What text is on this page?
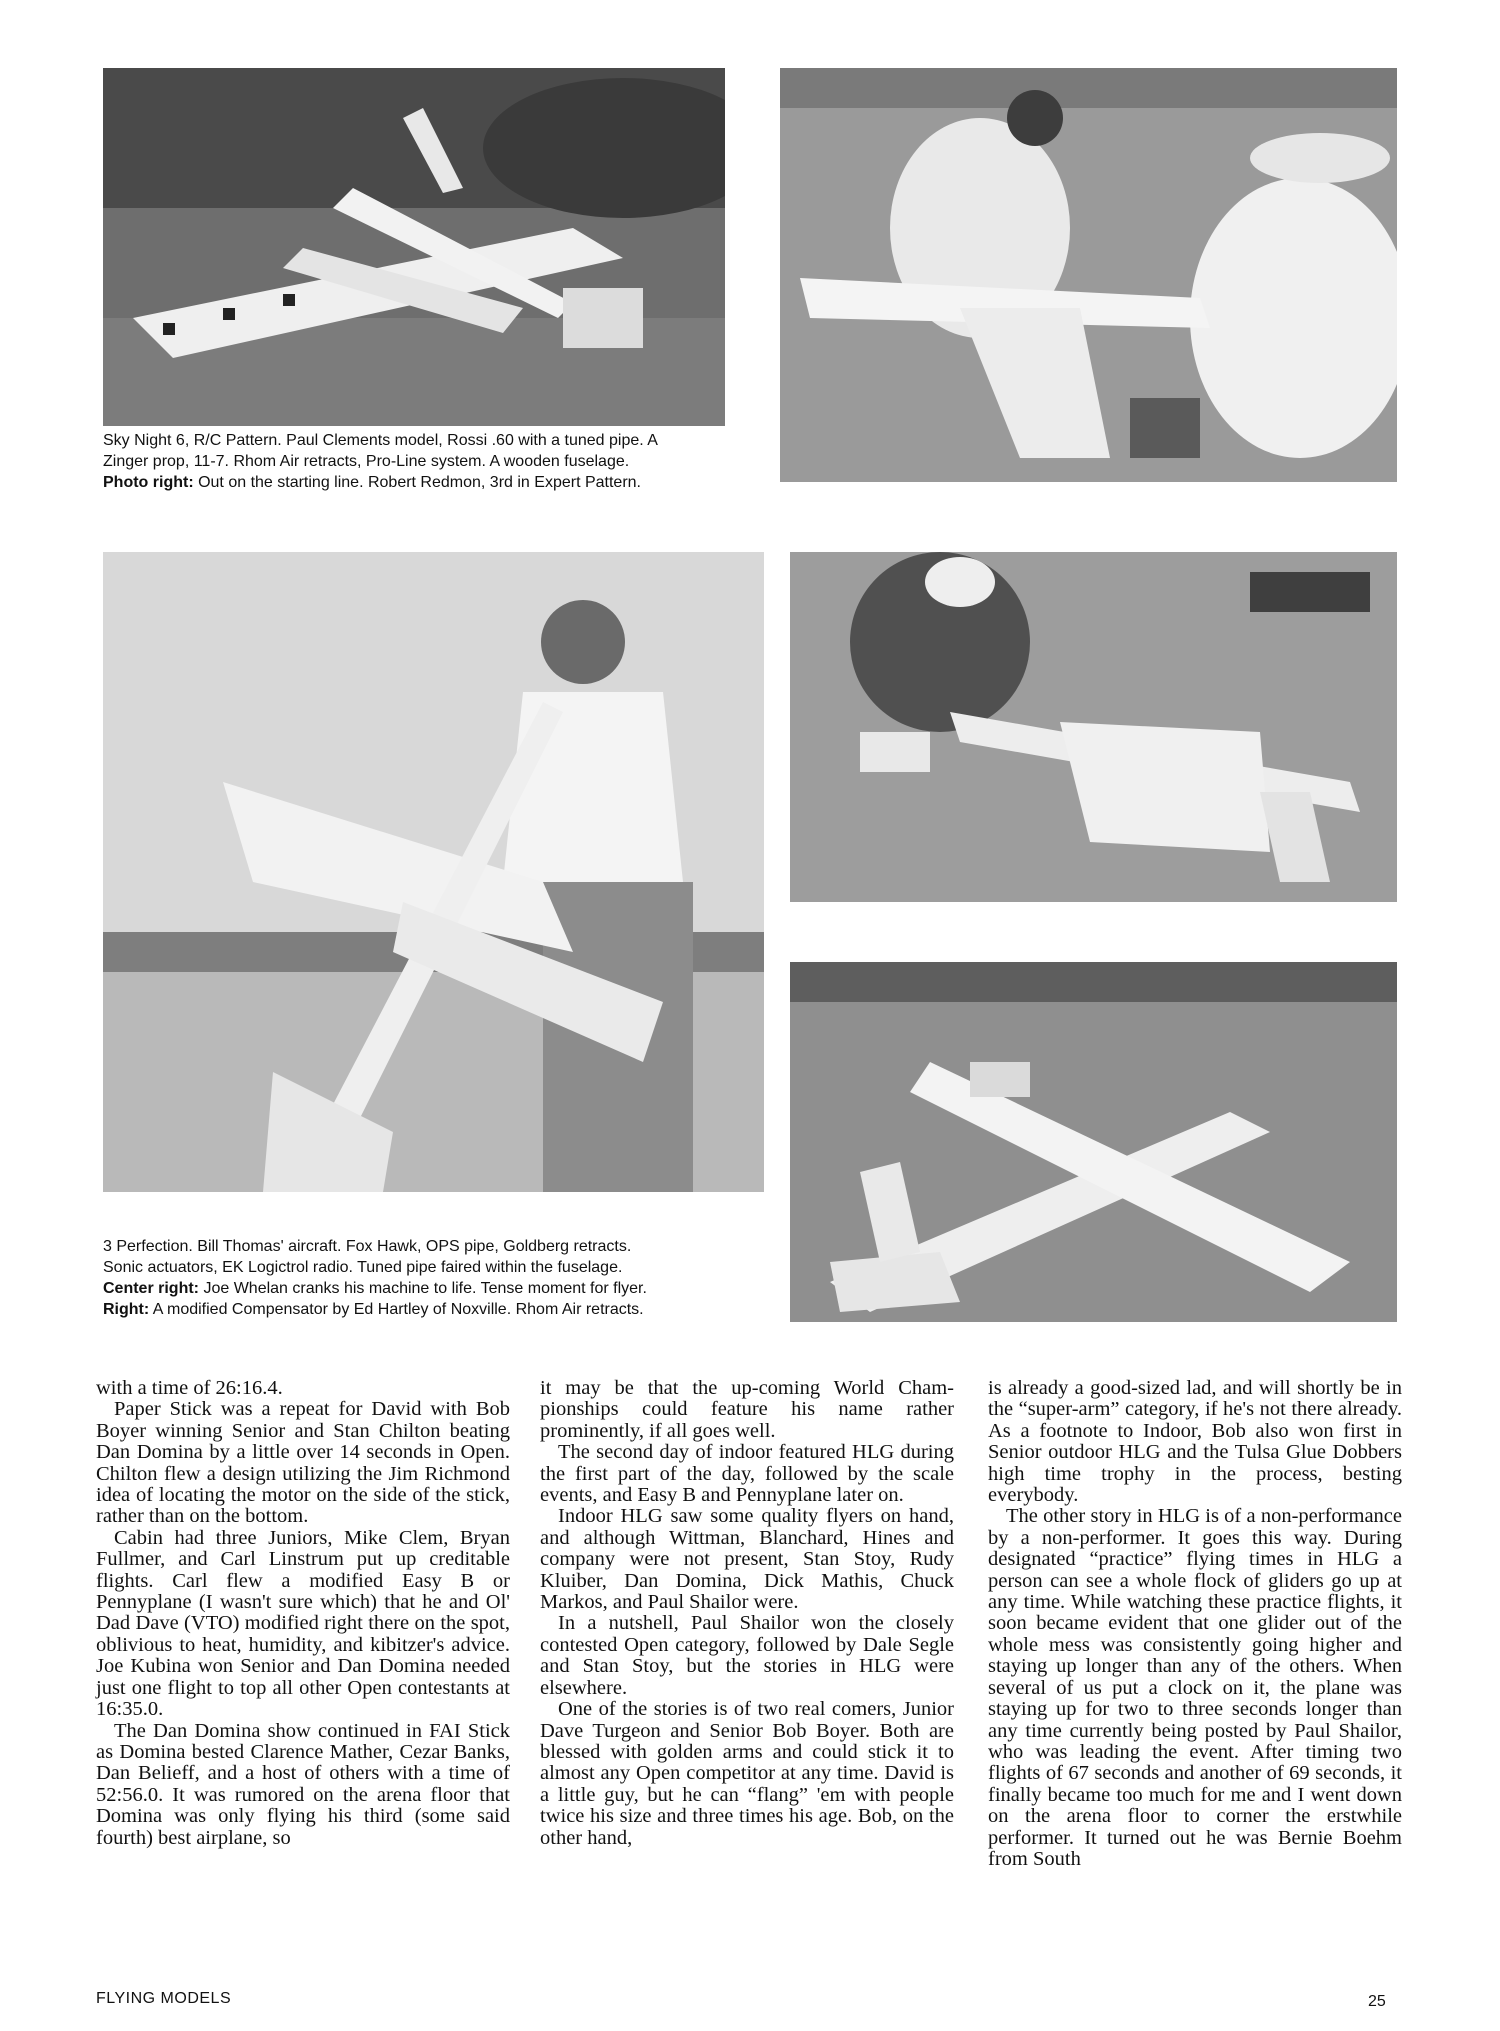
Sky Night 6, R/C Pattern. Paul Clements model, Rossi .60 with a tuned pipe. A
Zinger prop, 11-7. Rhom Air retracts, Pro-Line system. A wooden fuselage.
Photo right: Out on the starting line. Robert Redmon, 3rd in Expert Pattern.
3 Perfection. Bill Thomas' aircraft. Fox Hawk, OPS pipe, Goldberg retracts.
Sonic actuators, EK Logictrol radio. Tuned pipe faired within the fuselage.
Center right: Joe Whelan cranks his machine to life. Tense moment for flyer.
Right: A modified Compensator by Ed Hartley of Noxville. Rhom Air retracts.

with a time of 26:16.4.

Paper Stick was a repeat for David with Bob Boyer winning Senior and Stan Chilton beating Dan Domina by a little over 14 seconds in Open. Chilton flew a design utilizing the Jim Richmond idea of locating the motor on the side of the stick, rather than on the bottom.

Cabin had three Juniors, Mike Clem, Bryan Fullmer, and Carl Linstrum put up creditable flights. Carl flew a modified Easy B or Pennyplane (I wasn't sure which) that he and Ol' Dad Dave (VTO) modified right there on the spot, oblivious to heat, humidity, and kibitzer's advice. Joe Kubina won Senior and Dan Domina needed just one flight to top all other Open contestants at 16:35.0.

The Dan Domina show continued in FAI Stick as Domina bested Clarence Mather, Cezar Banks, Dan Belieff, and a host of others with a time of 52:56.0. It was rumored on the arena floor that Domina was only flying his third (some said fourth) best airplane, so

it may be that the up-coming World Championships could feature his name rather prominently, if all goes well.

The second day of indoor featured HLG during the first part of the day, followed by the scale events, and Easy B and Pennyplane later on.

Indoor HLG saw some quality flyers on hand, and although Wittman, Blanchard, Hines and company were not present, Stan Stoy, Rudy Kluiber, Dan Domina, Dick Mathis, Chuck Markos, and Paul Shailor were.

In a nutshell, Paul Shailor won the closely contested Open category, followed by Dale Segle and Stan Stoy, but the stories in HLG were elsewhere.

One of the stories is of two real comers, Junior Dave Turgeon and Senior Bob Boyer. Both are blessed with golden arms and could stick it to almost any Open competitor at any time. David is a little guy, but he can “flang” 'em with people twice his size and three times his age. Bob, on the other hand,

is already a good-sized lad, and will shortly be in the “super-arm” category, if he's not there already. As a footnote to Indoor, Bob also won first in Senior outdoor HLG and the Tulsa Glue Dobbers high time trophy in the process, besting everybody.

The other story in HLG is of a non-performance by a non-performer. It goes this way. During designated “practice” flying times in HLG a person can see a whole flock of gliders go up at any time. While watching these practice flights, it soon became evident that one glider out of the whole mess was consistently going higher and staying up longer than any of the others. When several of us put a clock on it, the plane was staying up for two to three seconds longer than any time currently being posted by Paul Shailor, who was leading the event. After timing two flights of 67 seconds and another of 69 seconds, it finally became too much for me and I went down on the arena floor to corner the erstwhile performer. It turned out he was Bernie Boehm from South

FLYING MODELS	25
